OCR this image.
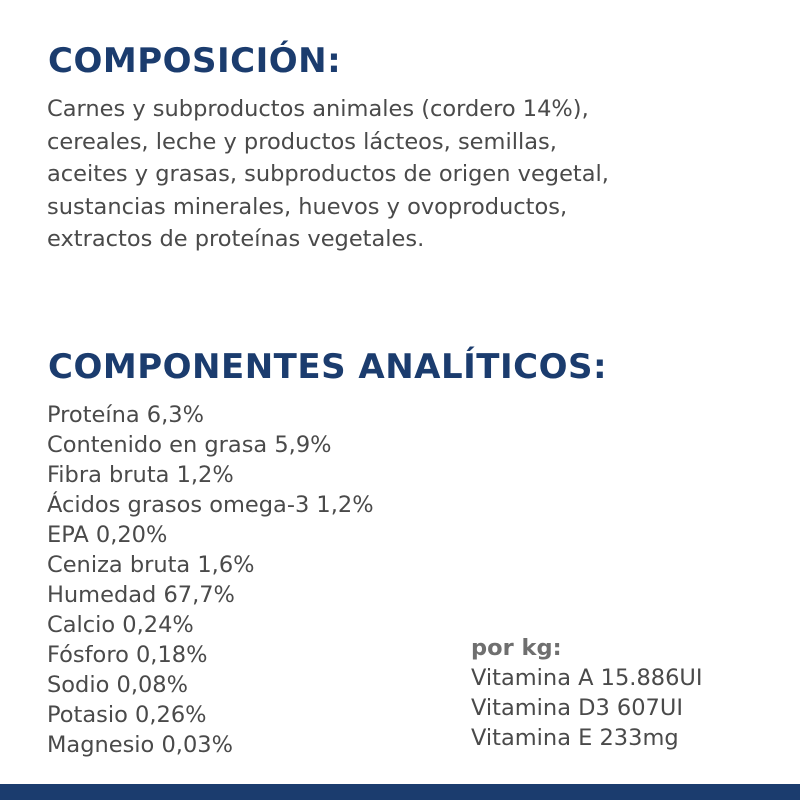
COMPOSICIÓN:
Carnes y subproductos animales (cordero 14%),
cereales, leche y productos lácteos, semillas,
aceites y grasas, subproductos de origen vegetal,
sustancias minerales, huevos y ovoproductos,
extractos de proteínas vegetales.
COMPONENTES ANALÍTICOS:
Proteína 6,3%
Contenido en grasa 5,9%
Fibra bruta 1,2%
Ácidos grasos omega-3 1,2%
EPA 0,20%
Ceniza bruta 1,6%
Humedad 67,7%
Calcio 0,24%
Fósforo 0,18%
Sodio 0,08%
Potasio 0,26%
Magnesio 0,03%
por kg:
Vitamina A 15.886UI
Vitamina D3 607UI
Vitamina E 233mg
